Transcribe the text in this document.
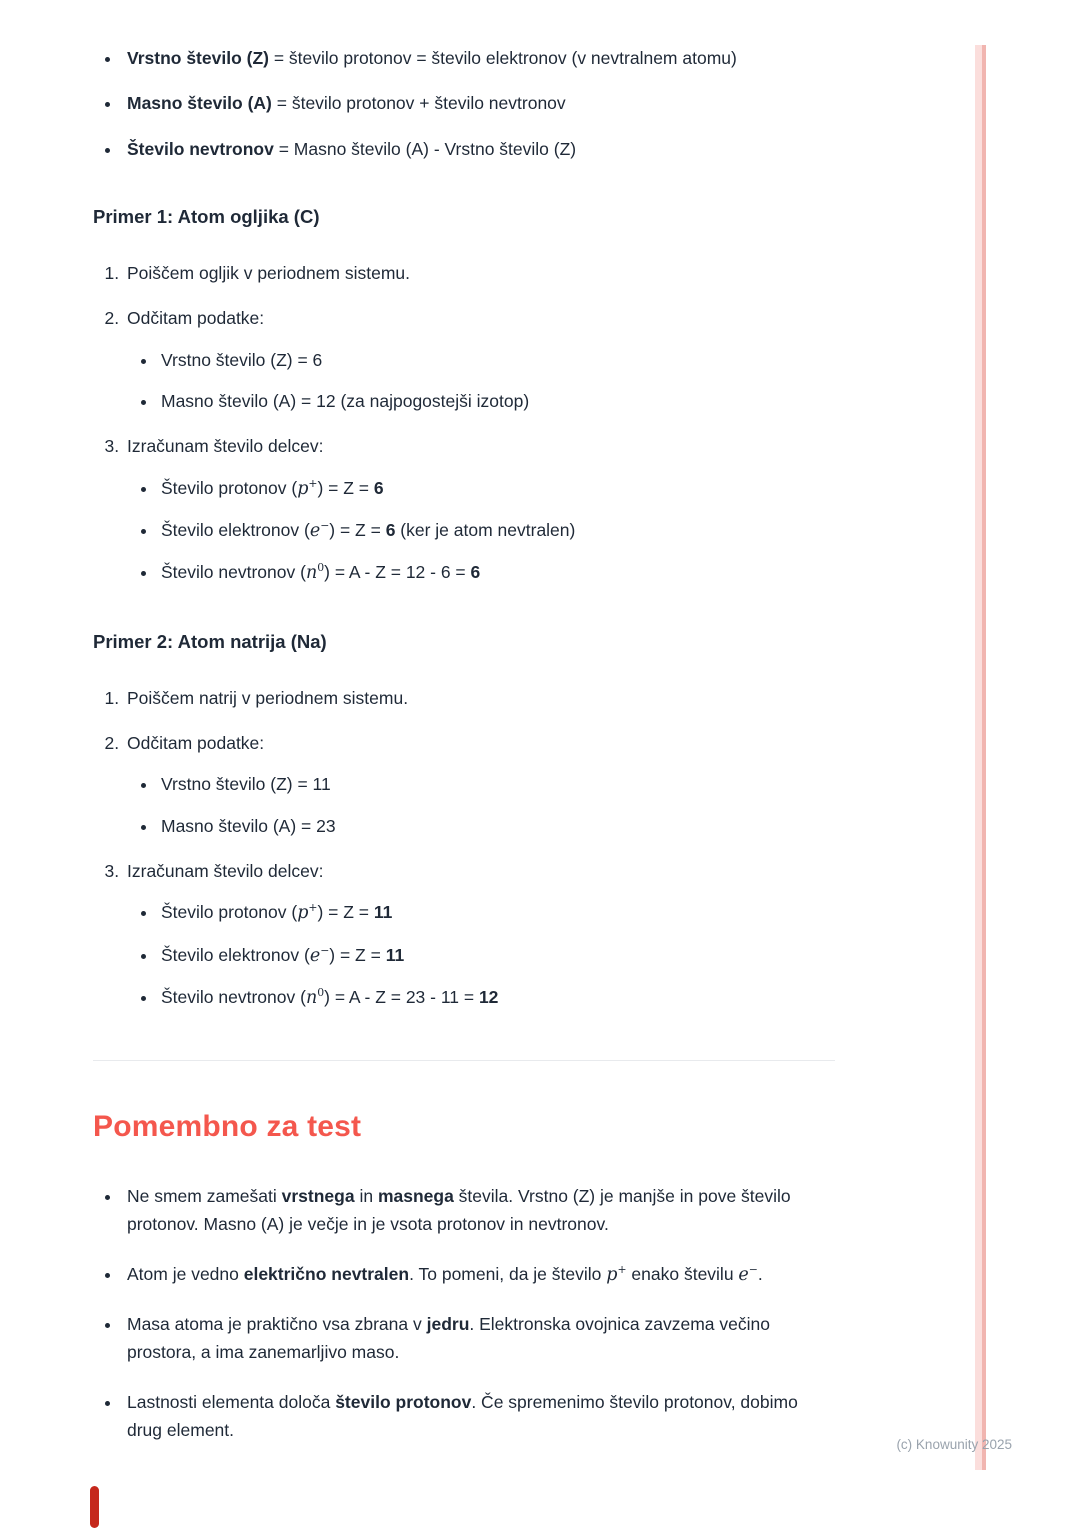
• Vrstno število (Z) = število protonov = število elektronov (v nevtralnem atomu)
• Masno število (A) = število protonov + število nevtronov
• Število nevtronov = Masno število (A) - Vrstno število (Z)
Primer 1: Atom ogljika (C)
1. Poiščem ogljik v periodnem sistemu.
2. Odčitam podatke:
• Vrstno število (Z) = 6
• Masno število (A) = 12 (za najpogostejši izotop)
3. Izračunam število delcev:
• Število protonov (p+) = Z = 6
• Število elektronov (e−) = Z = 6 (ker je atom nevtralen)
• Število nevtronov $(n^0) = A - Z = 12 - 6 = 6$
Primer 2: Atom natrija (Na)
1. Poiščem natrij v periodnem sistemu.
2. Odčitam podatke:
• Vrstno število (Z) = 11
• Masno število (A) = 23
3. Izračunam število delcev:
• Število protonov (p+) = Z = 11
• Število elektronov (e−) = Z = 11
• Število nevtronov $(n^0) = A - Z = 23 - 11 = 12$
Pomembno za test
• Ne smem zamešati vrstnega in masnega števila. Vrstno (Z) je manjše in pove število protonov. Masno (A) je večje in je vsota protonov in nevtronov.
• Atom je vedno električno nevtralen. To pomeni, da je število p+ enako številu e−.
• Masa atoma je praktično vsa zbrana v jedru. Elektronska ovojnica zavzema večino prostora, a ima zanemarljivo maso.
• Lastnosti elementa določa število protonov. Če spremenimo število protonov, dobimo drug element.
(c) Knowunity 2025
